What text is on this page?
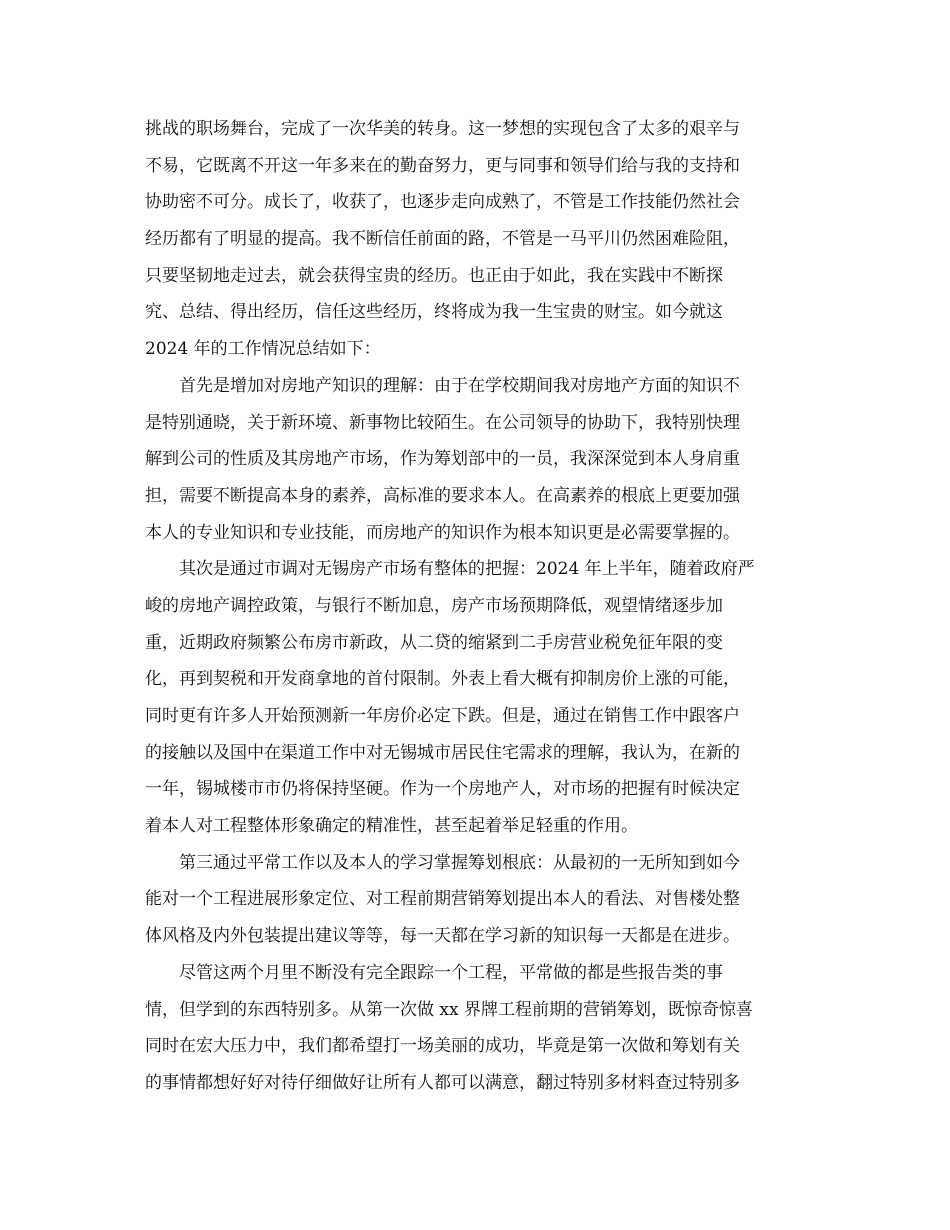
挑战的职场舞台，完成了一次华美的转身。这一梦想的实现包含了太多的艰辛与
不易，它既离不开这一年多来在的勤奋努力，更与同事和领导们给与我的支持和
协助密不可分。成长了，收获了，也逐步走向成熟了，不管是工作技能仍然社会
经历都有了明显的提高。我不断信任前面的路，不管是一马平川仍然困难险阻，
只要坚韧地走过去，就会获得宝贵的经历。也正由于如此，我在实践中不断探
究、总结、得出经历，信任这些经历，终将成为我一生宝贵的财宝。如今就这
2024 年的工作情况总结如下：
首先是增加对房地产知识的理解：由于在学校期间我对房地产方面的知识不
是特别通晓，关于新环境、新事物比较陌生。在公司领导的协助下，我特别快理
解到公司的性质及其房地产市场，作为筹划部中的一员，我深深觉到本人身肩重
担，需要不断提高本身的素养，高标准的要求本人。在高素养的根底上更要加强
本人的专业知识和专业技能，而房地产的知识作为根本知识更是必需要掌握的。
其次是通过市调对无锡房产市场有整体的把握：2024 年上半年，随着政府严
峻的房地产调控政策，与银行不断加息，房产市场预期降低，观望情绪逐步加
重，近期政府频繁公布房市新政，从二贷的缩紧到二手房营业税免征年限的变
化，再到契税和开发商拿地的首付限制。外表上看大概有抑制房价上涨的可能，
同时更有许多人开始预测新一年房价必定下跌。但是，通过在销售工作中跟客户
的接触以及国中在渠道工作中对无锡城市居民住宅需求的理解，我认为，在新的
一年，锡城楼市市仍将保持坚硬。作为一个房地产人，对市场的把握有时候决定
着本人对工程整体形象确定的精准性，甚至起着举足轻重的作用。
第三通过平常工作以及本人的学习掌握筹划根底：从最初的一无所知到如今
能对一个工程进展形象定位、对工程前期营销筹划提出本人的看法、对售楼处整
体风格及内外包装提出建议等等，每一天都在学习新的知识每一天都是在进步。
尽管这两个月里不断没有完全跟踪一个工程，平常做的都是些报告类的事
情，但学到的东西特别多。从第一次做 xx 界牌工程前期的营销筹划，既惊奇惊喜
同时在宏大压力中，我们都希望打一场美丽的成功，毕竟是第一次做和筹划有关
的事情都想好好对待仔细做好让所有人都可以满意，翻过特别多材料查过特别多
